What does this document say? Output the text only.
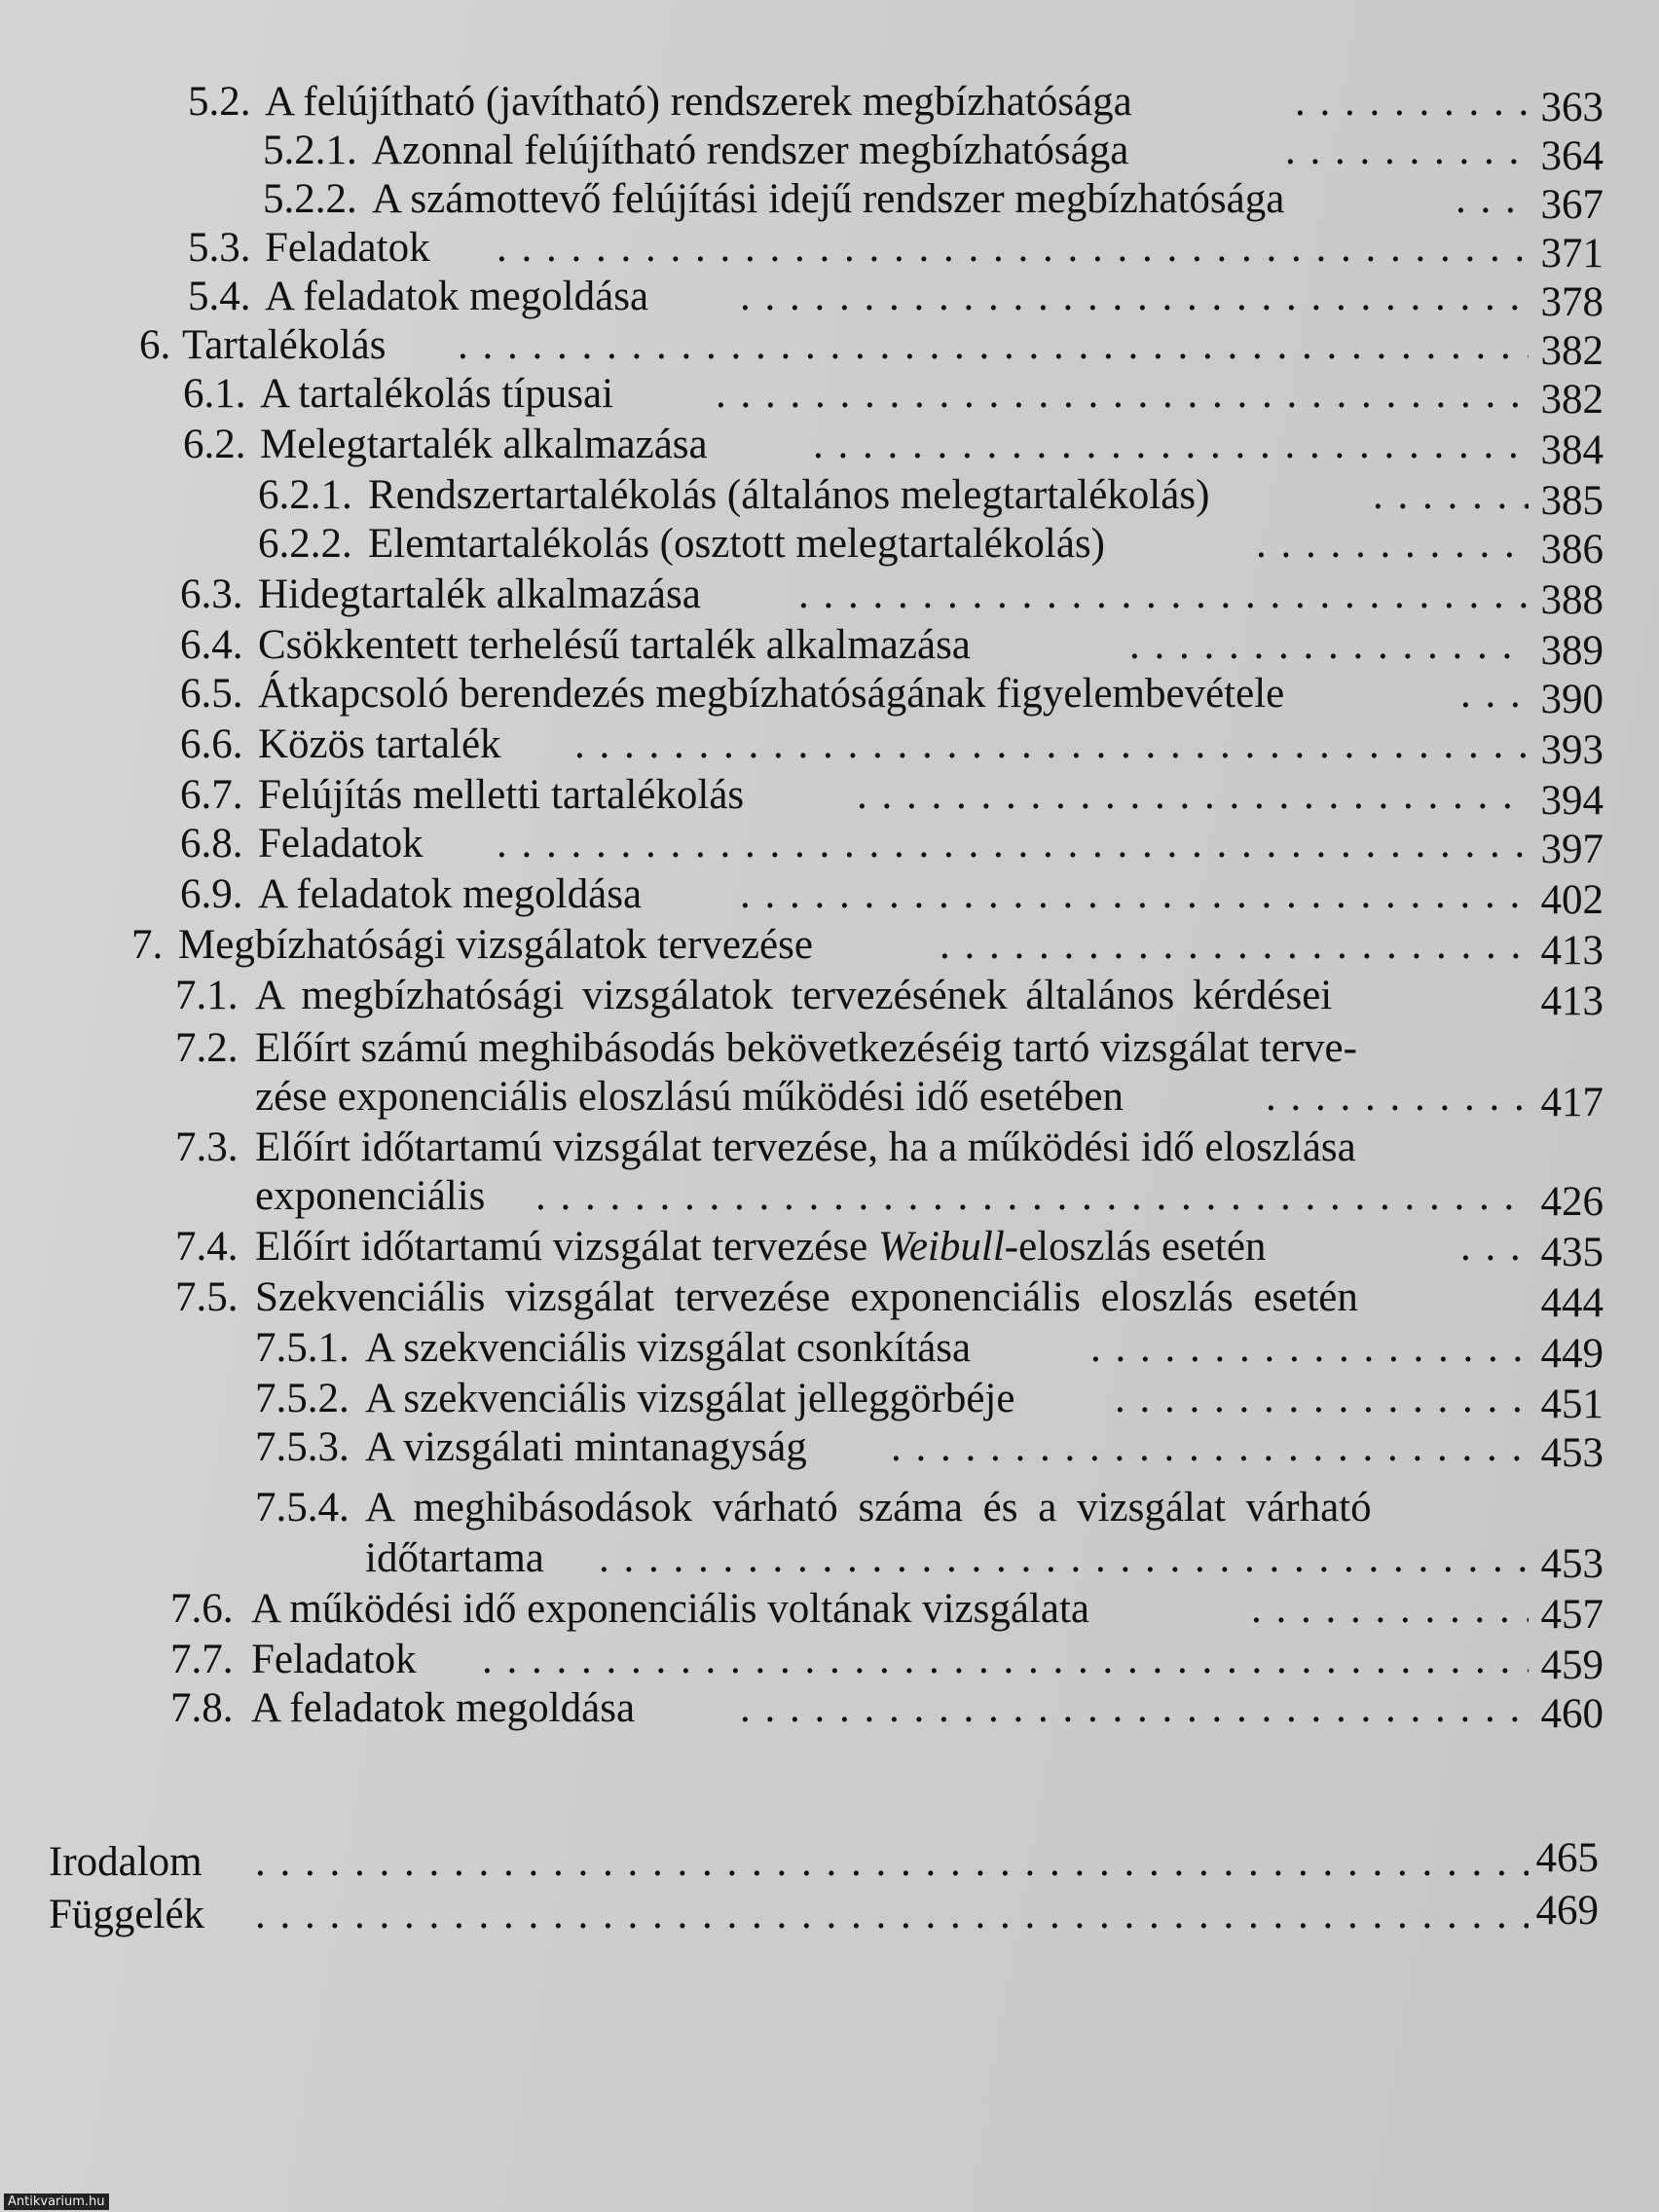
5.2. A felújítható (javítható) rendszerek megbízhatósága . . .	363
5.2.1. Azonnal felújítható rendszer megbízhatósága . . .	364
5.2.2. A számottevő felújítási idejű rendszer megbízhatósága . . .	367
5.3. Feladatok . . .	371
5.4. A feladatok megoldása . . .	378
6. Tartalékolás . . .	382
6.1. A tartalékolás típusai . . .	382
6.2. Melegtartalék alkalmazása . . .	384
6.2.1. Rendszertartalékolás (általános melegtartalékolás) . . .	385
6.2.2. Elemtartalékolás (osztott melegtartalékolás) . . .	386
6.3. Hidegtartalék alkalmazása . . .	388
6.4. Csökkentett terhelésű tartalék alkalmazása . . .	389
6.5. Átkapcsoló berendezés megbízhatóságának figyelembevétele . . .	390
6.6. Közös tartalék . . .	393
6.7. Felújítás melletti tartalékolás . . .	394
6.8. Feladatok . . .	397
6.9. A feladatok megoldása . . .	402
7. Megbízhatósági vizsgálatok tervezése . . .	413
7.1. A megbízhatósági vizsgálatok tervezésének általános kérdései	413
7.2. Előírt számú meghibásodás bekövetkezéséig tartó vizsgálat terve-
zése exponenciális eloszlású működési idő esetében . . .	417
7.3. Előírt időtartamú vizsgálat tervezése, ha a működési idő eloszlása
exponenciális . . .	426
7.4. Előírt időtartamú vizsgálat tervezése Weibull-eloszlás esetén . . .	435
7.5. Szekvenciális vizsgálat tervezése exponenciális eloszlás esetén	444
7.5.1. A szekvenciális vizsgálat csonkítása . . .	449
7.5.2. A szekvenciális vizsgálat jelleggörbéje . . .	451
7.5.3. A vizsgálati mintanagyság . . .	453
7.5.4. A meghibásodások várható száma és a vizsgálat várható
időtartama . . .	453
7.6. A működési idő exponenciális voltának vizsgálata . . .	457
7.7. Feladatok . . .	459
7.8. A feladatok megoldása . . .	460
Irodalom . . .	465
Függelék . . .	469
Antikvarium.hu
